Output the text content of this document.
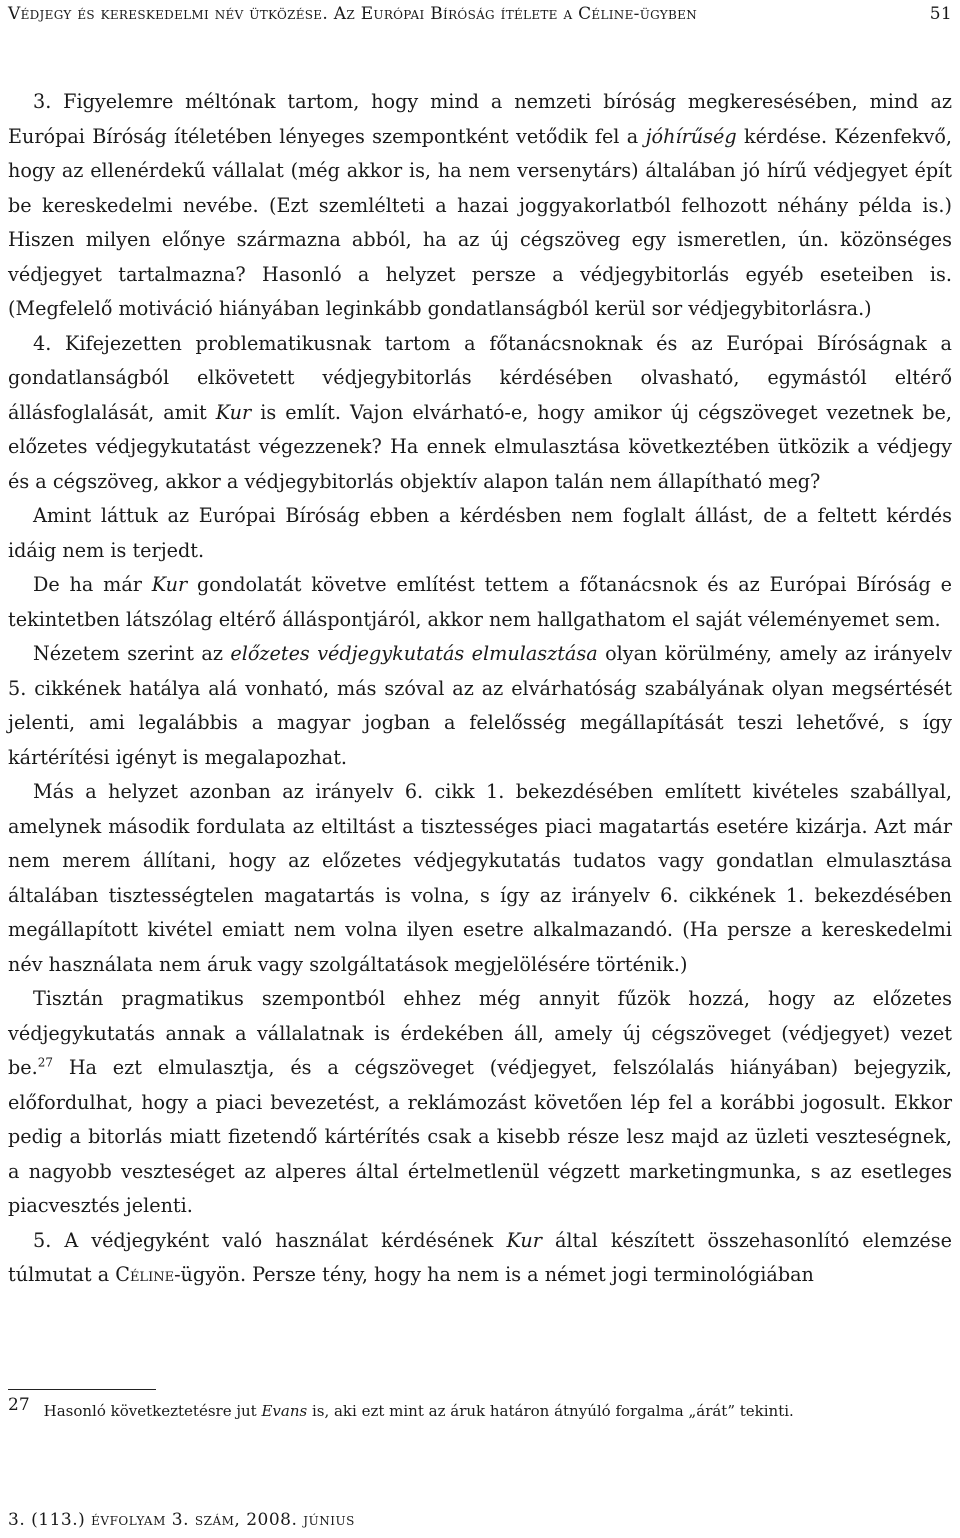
Védjegy és kereskedelmi név ütközése. Az Európai Bíróság ítélete a Céline-ügyben	51

3. Figyelemre méltónak tartom, hogy mind a nemzeti bíróság megkeresésében, mind az Európai Bíróság ítéletében lényeges szempontként vetődik fel a jóhírűség kérdése. Kézenfekvő, hogy az ellenérdekű vállalat (még akkor is, ha nem versenytárs) általában jó hírű védjegyet épít be kereskedelmi nevébe. (Ezt szemlélteti a hazai joggyakorlatból felhozott néhány példa is.) Hiszen milyen előnye származna abból, ha az új cégszöveg egy ismeretlen, ún. közönséges védjegyet tartalmazna? Hasonló a helyzet persze a védjegybitorlás egyéb eseteiben is. (Megfelelő motiváció hiányában leginkább gondatlanságból kerül sor védjegybitorlásra.)

4. Kifejezetten problematikusnak tartom a főtanácsnoknak és az Európai Bíróságnak a gondatlanságból elkövetett védjegybitorlás kérdésében olvasható, egymástól eltérő állásfoglalását, amit Kur is említ. Vajon elvárható-e, hogy amikor új cégszöveget vezetnek be, előzetes védjegykutatást végezzenek? Ha ennek elmulasztása következtében ütközik a védjegy és a cégszöveg, akkor a védjegybitorlás objektív alapon talán nem állapítható meg?

Amint láttuk az Európai Bíróság ebben a kérdésben nem foglalt állást, de a feltett kérdés idáig nem is terjedt.

De ha már Kur gondolatát követve említést tettem a főtanácsnok és az Európai Bíróság e tekintetben látszólag eltérő álláspontjáról, akkor nem hallgathatom el saját véleményemet sem.

Nézetem szerint az előzetes védjegykutatás elmulasztása olyan körülmény, amely az irányelv 5. cikkének hatálya alá vonható, más szóval az az elvárhatóság szabályának olyan megsértését jelenti, ami legalábbis a magyar jogban a felelősség megállapítását teszi lehetővé, s így kártérítési igényt is megalapozhat.

Más a helyzet azonban az irányelv 6. cikk 1. bekezdésében említett kivételes szabállyal, amelynek második fordulata az eltiltást a tisztességes piaci magatartás esetére kizárja. Azt már nem merem állítani, hogy az előzetes védjegykutatás tudatos vagy gondatlan elmulasztása általában tisztességtelen magatartás is volna, s így az irányelv 6. cikkének 1. bekezdésében megállapított kivétel emiatt nem volna ilyen esetre alkalmazandó. (Ha persze a kereskedelmi név használata nem áruk vagy szolgáltatások megjelölésére történik.)

Tisztán pragmatikus szempontból ehhez még annyit fűzök hozzá, hogy az előzetes védjegykutatás annak a vállalatnak is érdekében áll, amely új cégszöveget (védjegyet) vezet be.$^{27}$ Ha ezt elmulasztja, és a cégszöveget (védjegyet, felszólalás hiányában) bejegyzik, előfordulhat, hogy a piaci bevezetést, a reklámozást követően lép fel a korábbi jogosult. Ekkor pedig a bitorlás miatt fizetendő kártérítés csak a kisebb része lesz majd az üzleti veszteségnek, a nagyobb veszteséget az alperes által értelmetlenül végzett marketingmunka, s az esetleges piacvesztés jelenti.

5. A védjegyként való használat kérdésének Kur által készített összehasonlító elemzése túlmutat a Céline-ügyön. Persze tény, hogy ha nem is a német jogi terminológiában

27 Hasonló következtetésre jut Evans is, aki ezt mint az áruk határon átnyúló forgalma „árát” tekinti.
3. (113.) évfolyam 3. szám, 2008. június
